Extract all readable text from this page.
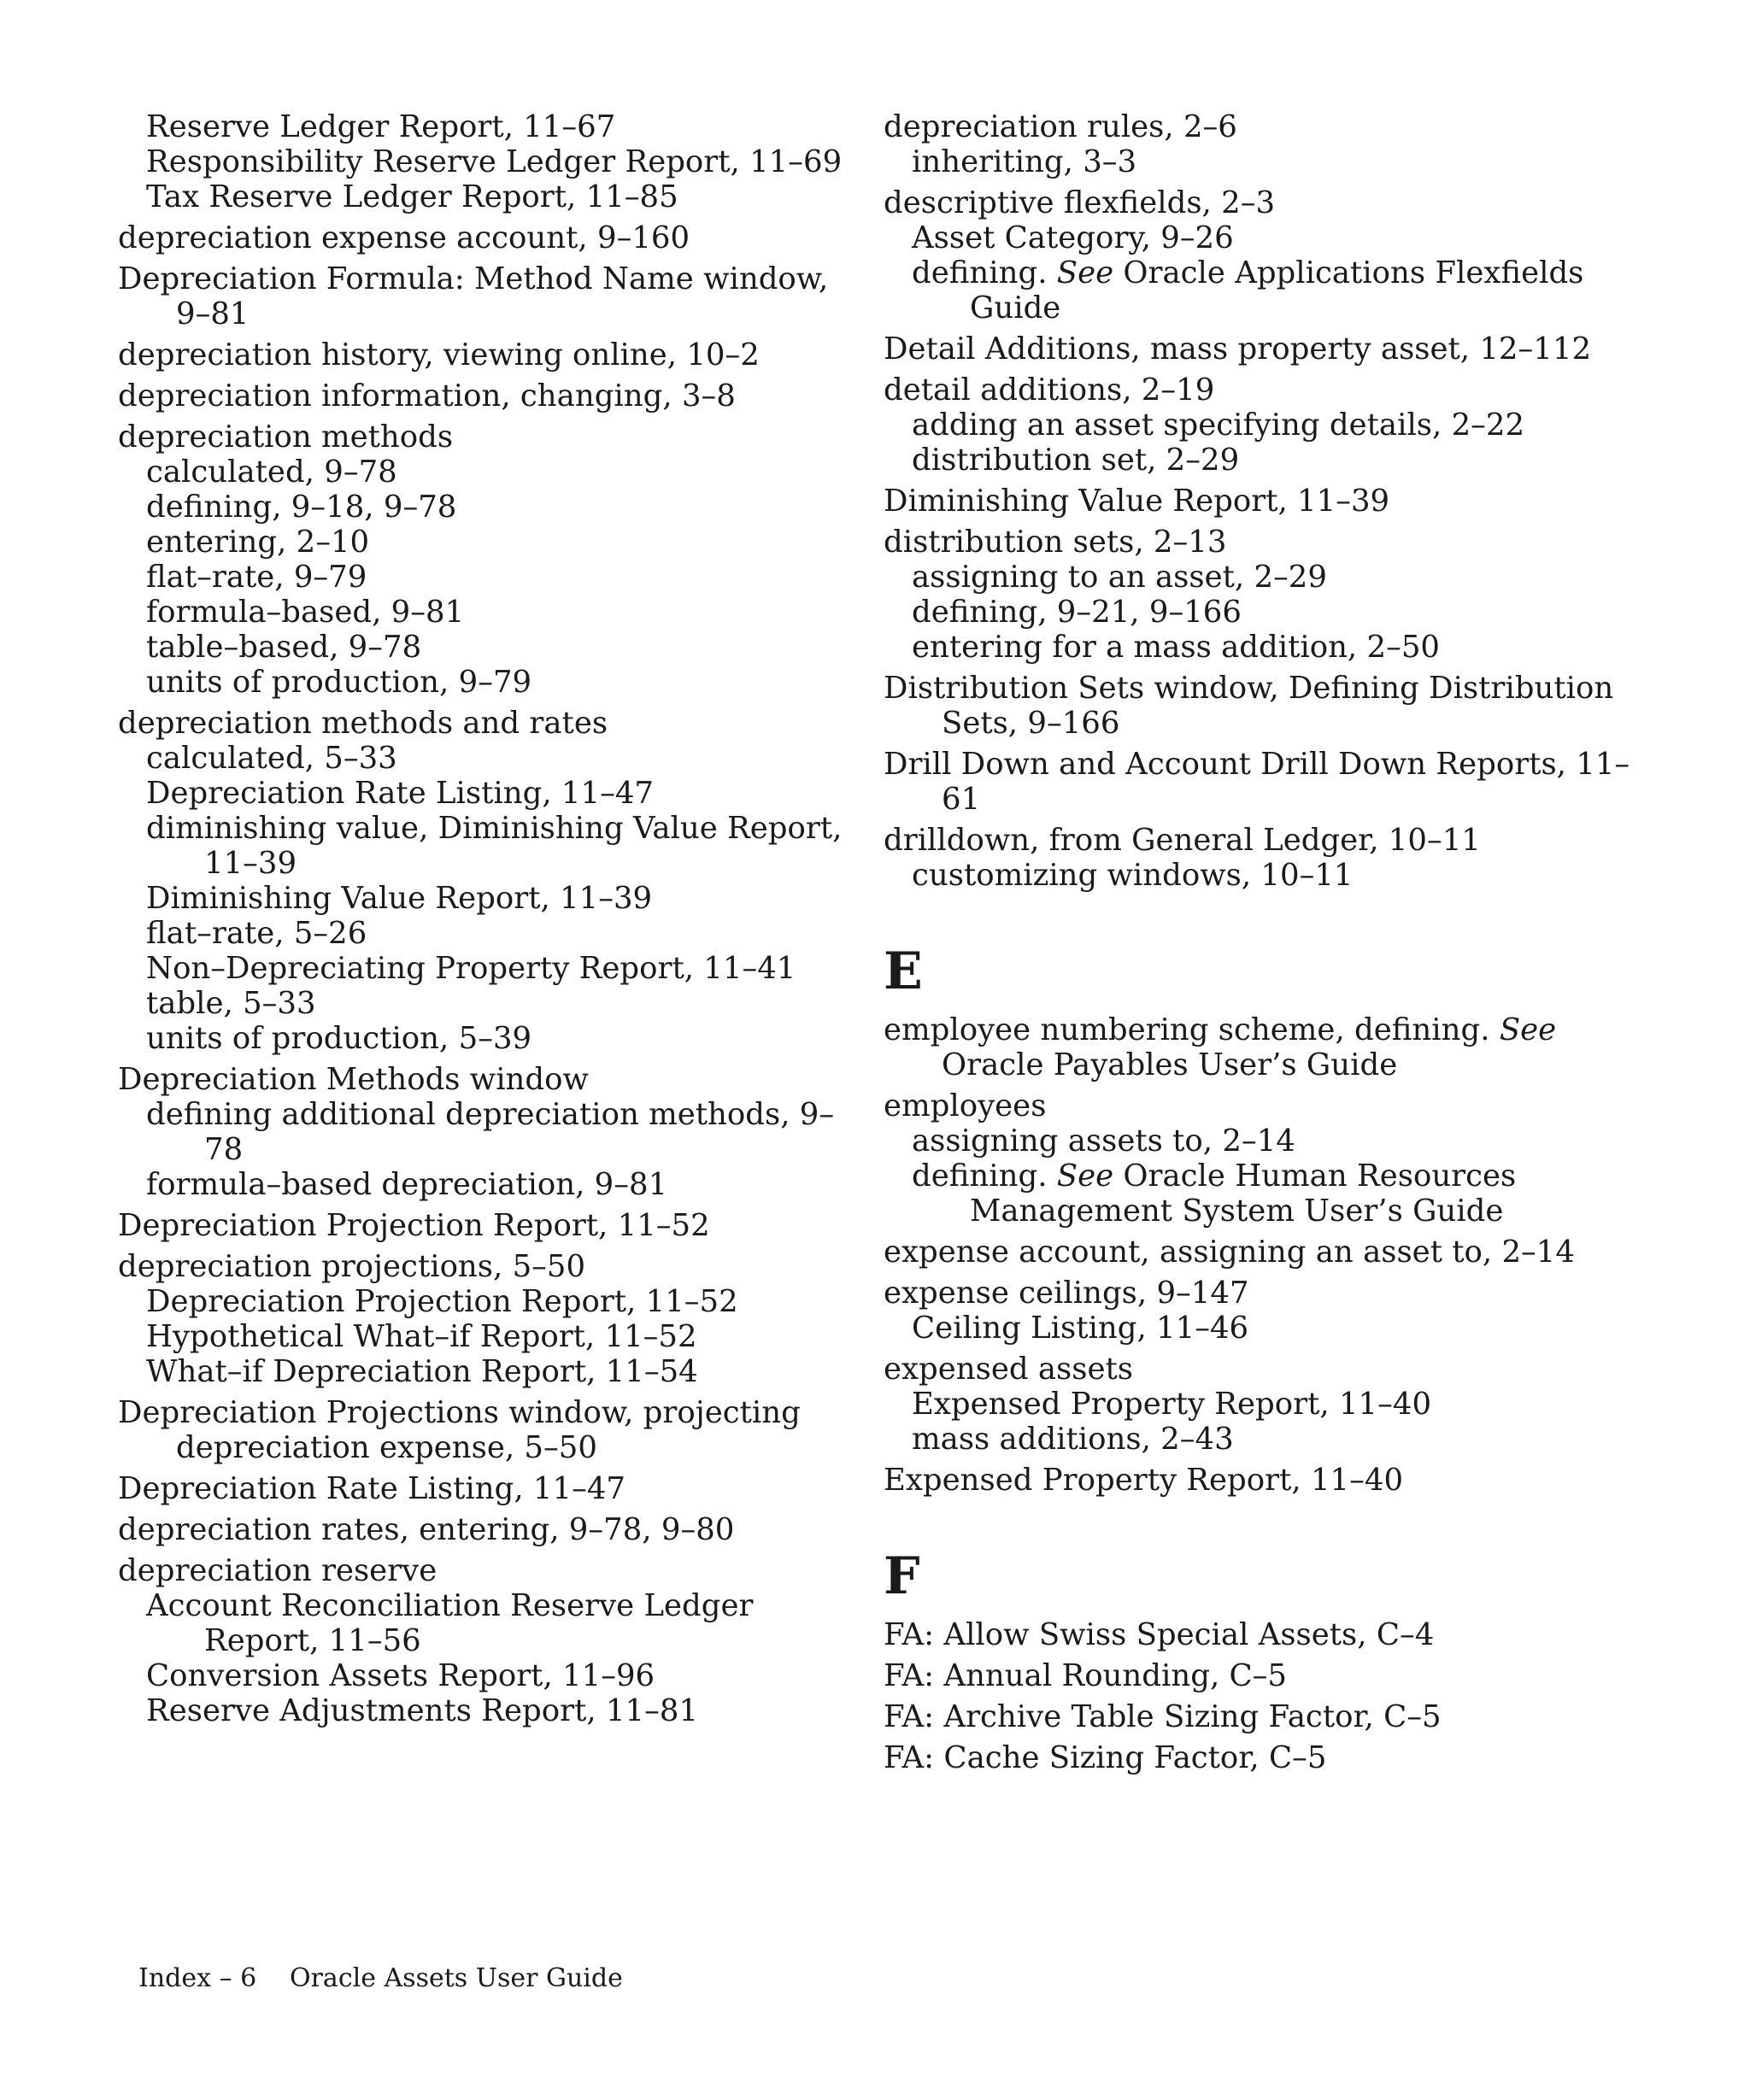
Reserve Ledger Report, 11–67
Responsibility Reserve Ledger Report, 11–69
Tax Reserve Ledger Report, 11–85
depreciation expense account, 9–160
Depreciation Formula: Method Name window, 9–81
depreciation history, viewing online, 10–2
depreciation information, changing, 3–8
depreciation methods
calculated, 9–78
defining, 9–18, 9–78
entering, 2–10
flat–rate, 9–79
formula–based, 9–81
table–based, 9–78
units of production, 9–79
depreciation methods and rates
calculated, 5–33
Depreciation Rate Listing, 11–47
diminishing value, Diminishing Value Report, 11–39
Diminishing Value Report, 11–39
flat–rate, 5–26
Non–Depreciating Property Report, 11–41
table, 5–33
units of production, 5–39
Depreciation Methods window
defining additional depreciation methods, 9–78
formula–based depreciation, 9–81
Depreciation Projection Report, 11–52
depreciation projections, 5–50
Depreciation Projection Report, 11–52
Hypothetical What–if Report, 11–52
What–if Depreciation Report, 11–54
Depreciation Projections window, projecting depreciation expense, 5–50
Depreciation Rate Listing, 11–47
depreciation rates, entering, 9–78, 9–80
depreciation reserve
Account Reconciliation Reserve Ledger Report, 11–56
Conversion Assets Report, 11–96
Reserve Adjustments Report, 11–81
depreciation rules, 2–6
inheriting, 3–3
descriptive flexfields, 2–3
Asset Category, 9–26
defining. See Oracle Applications Flexfields Guide
Detail Additions, mass property asset, 12–112
detail additions, 2–19
adding an asset specifying details, 2–22
distribution set, 2–29
Diminishing Value Report, 11–39
distribution sets, 2–13
assigning to an asset, 2–29
defining, 9–21, 9–166
entering for a mass addition, 2–50
Distribution Sets window, Defining Distribution Sets, 9–166
Drill Down and Account Drill Down Reports, 11–61
drilldown, from General Ledger, 10–11
customizing windows, 10–11
E
employee numbering scheme, defining. See Oracle Payables User’s Guide
employees
assigning assets to, 2–14
defining. See Oracle Human Resources Management System User’s Guide
expense account, assigning an asset to, 2–14
expense ceilings, 9–147
Ceiling Listing, 11–46
expensed assets
Expensed Property Report, 11–40
mass additions, 2–43
Expensed Property Report, 11–40
F
FA: Allow Swiss Special Assets, C–4
FA: Annual Rounding, C–5
FA: Archive Table Sizing Factor, C–5
FA: Cache Sizing Factor, C–5
Index – 6 Oracle Assets User Guide
